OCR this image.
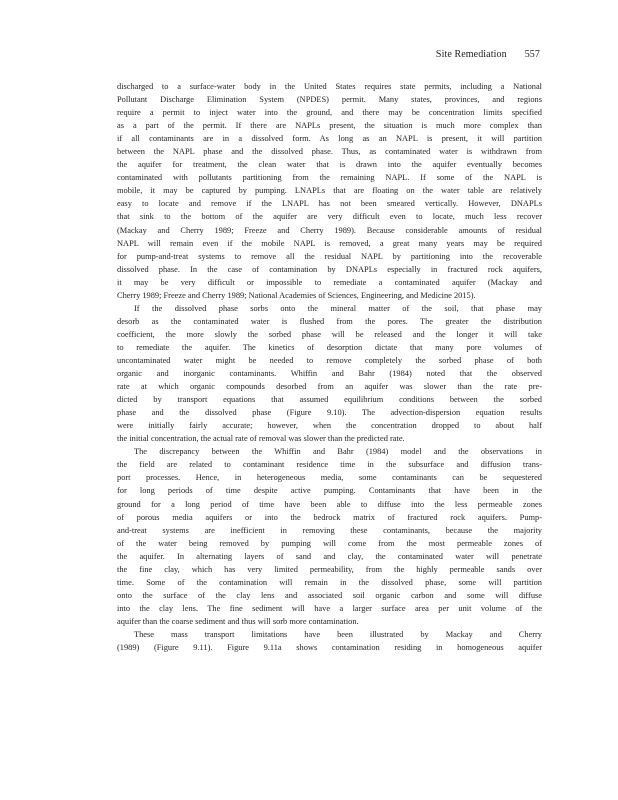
Site Remediation 557
discharged to a surface-water body in the United States requires state permits, including a National
Pollutant Discharge Elimination System (NPDES) permit. Many states, provinces, and regions
require a permit to inject water into the ground, and there may be concentration limits specified
as a part of the permit. If there are NAPLs present, the situation is much more complex than
if all contaminants are in a dissolved form. As long as an NAPL is present, it will partition
between the NAPL phase and the dissolved phase. Thus, as contaminated water is withdrawn from
the aquifer for treatment, the clean water that is drawn into the aquifer eventually becomes
contaminated with pollutants partitioning from the remaining NAPL. If some of the NAPL is
mobile, it may be captured by pumping. LNAPLs that are floating on the water table are relatively
easy to locate and remove if the LNAPL has not been smeared vertically. However, DNAPLs
that sink to the bottom of the aquifer are very difficult even to locate, much less recover
(Mackay and Cherry 1989; Freeze and Cherry 1989). Because considerable amounts of residual
NAPL will remain even if the mobile NAPL is removed, a great many years may be required
for pump-and-treat systems to remove all the residual NAPL by partitioning into the recoverable
dissolved phase. In the case of contamination by DNAPLs especially in fractured rock aquifers,
it may be very difficult or impossible to remediate a contaminated aquifer (Mackay and
Cherry 1989; Freeze and Cherry 1989; National Academies of Sciences, Engineering, and Medicine 2015).
If the dissolved phase sorbs onto the mineral matter of the soil, that phase may
desorb as the contaminated water is flushed from the pores. The greater the distribution
coefficient, the more slowly the sorbed phase will be released and the longer it will take
to remediate the aquifer. The kinetics of desorption dictate that many pore volumes of
uncontaminated water might be needed to remove completely the sorbed phase of both
organic and inorganic contaminants. Whiffin and Bahr (1984) noted that the observed
rate at which organic compounds desorbed from an aquifer was slower than the rate pre-
dicted by transport equations that assumed equilibrium conditions between the sorbed
phase and the dissolved phase (Figure 9.10). The advection-dispersion equation results
were initially fairly accurate; however, when the concentration dropped to about half
the initial concentration, the actual rate of removal was slower than the predicted rate.
The discrepancy between the Whiffin and Bahr (1984) model and the observations in
the field are related to contaminant residence time in the subsurface and diffusion trans-
port processes. Hence, in heterogeneous media, some contaminants can be sequestered
for long periods of time despite active pumping. Contaminants that have been in the
ground for a long period of time have been able to diffuse into the less permeable zones
of porous media aquifers or into the bedrock matrix of fractured rock aquifers. Pump-
and-treat systems are inefficient in removing these contaminants, because the majority
of the water being removed by pumping will come from the most permeable zones of
the aquifer. In alternating layers of sand and clay, the contaminated water will penetrate
the fine clay, which has very limited permeability, from the highly permeable sands over
time. Some of the contamination will remain in the dissolved phase, some will partition
onto the surface of the clay lens and associated soil organic carbon and some will diffuse
into the clay lens. The fine sediment will have a larger surface area per unit volume of the
aquifer than the coarse sediment and thus will sorb more contamination.
These mass transport limitations have been illustrated by Mackay and Cherry
(1989) (Figure 9.11). Figure 9.11a shows contamination residing in homogeneous aquifer
